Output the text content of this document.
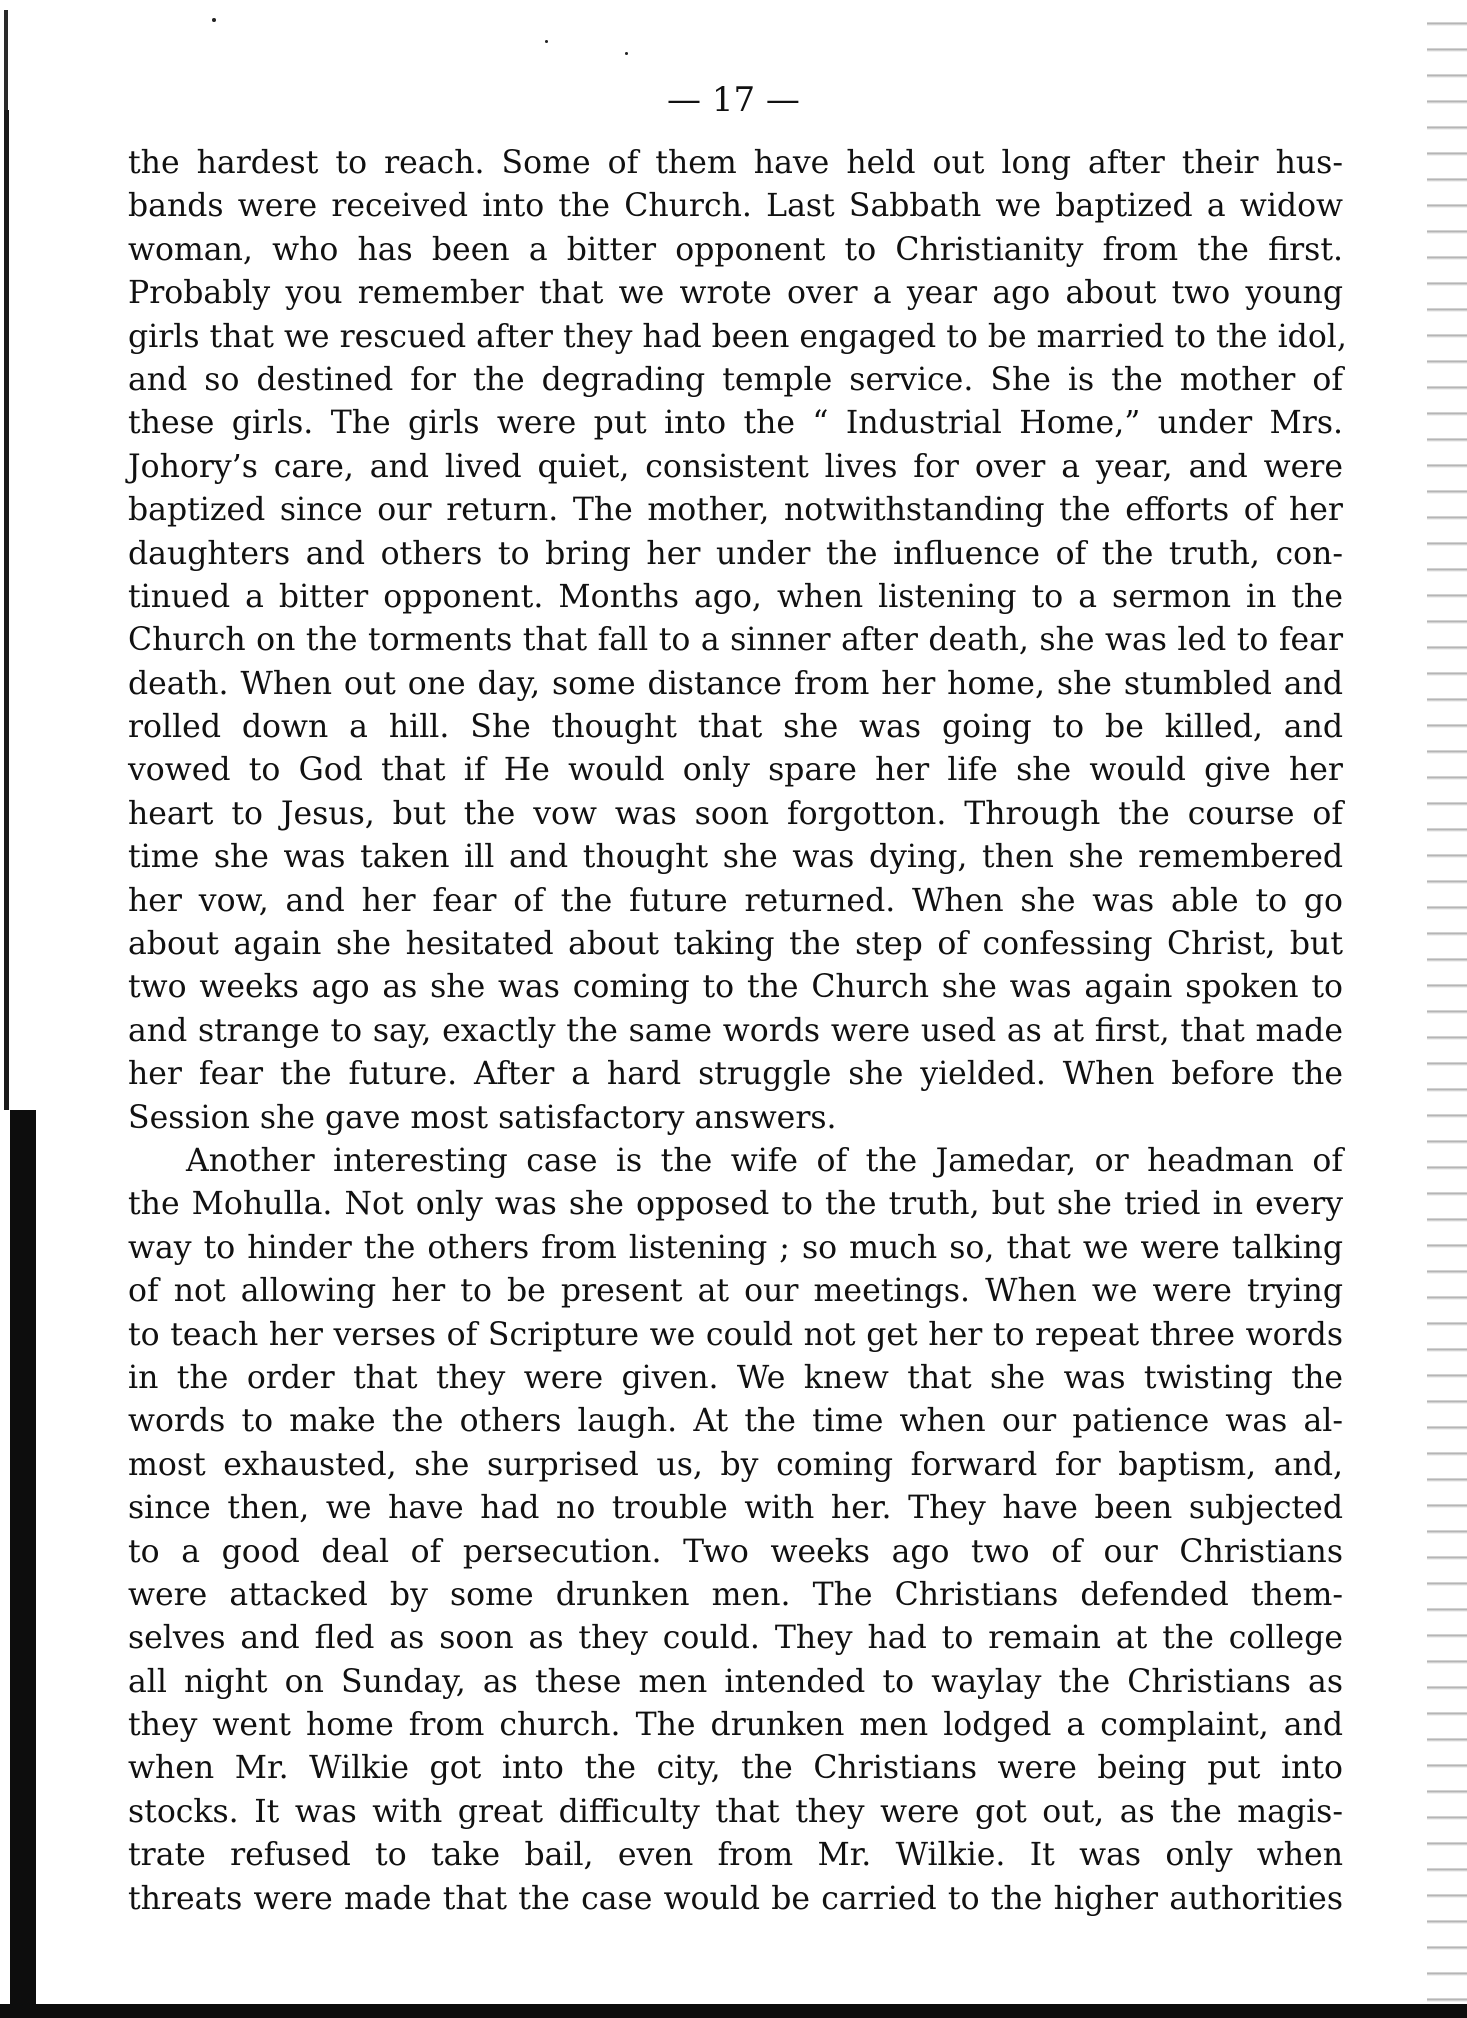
— 17 —
the hardest to reach. Some of them have held out long after their hus-
bands were received into the Church. Last Sabbath we baptized a widow
woman, who has been a bitter opponent to Christianity from the first.
Probably you remember that we wrote over a year ago about two young
girls that we rescued after they had been engaged to be married to the idol,
and so destined for the degrading temple service. She is the mother of
these girls. The girls were put into the “ Industrial Home,” under Mrs.
Johory’s care, and lived quiet, consistent lives for over a year, and were
baptized since our return. The mother, notwithstanding the efforts of her
daughters and others to bring her under the influence of the truth, con-
tinued a bitter opponent. Months ago, when listening to a sermon in the
Church on the torments that fall to a sinner after death, she was led to fear
death. When out one day, some distance from her home, she stumbled and
rolled down a hill. She thought that she was going to be killed, and
vowed to God that if He would only spare her life she would give her
heart to Jesus, but the vow was soon forgotton. Through the course of
time she was taken ill and thought she was dying, then she remembered
her vow, and her fear of the future returned. When she was able to go
about again she hesitated about taking the step of confessing Christ, but
two weeks ago as she was coming to the Church she was again spoken to
and strange to say, exactly the same words were used as at first, that made
her fear the future. After a hard struggle she yielded. When before the
Session she gave most satisfactory answers.
Another interesting case is the wife of the Jamedar, or headman of
the Mohulla. Not only was she opposed to the truth, but she tried in every
way to hinder the others from listening ; so much so, that we were talking
of not allowing her to be present at our meetings. When we were trying
to teach her verses of Scripture we could not get her to repeat three words
in the order that they were given. We knew that she was twisting the
words to make the others laugh. At the time when our patience was al-
most exhausted, she surprised us, by coming forward for baptism, and,
since then, we have had no trouble with her. They have been subjected
to a good deal of persecution. Two weeks ago two of our Christians
were attacked by some drunken men. The Christians defended them-
selves and fled as soon as they could. They had to remain at the college
all night on Sunday, as these men intended to waylay the Christians as
they went home from church. The drunken men lodged a complaint, and
when Mr. Wilkie got into the city, the Christians were being put into
stocks. It was with great difficulty that they were got out, as the magis-
trate refused to take bail, even from Mr. Wilkie. It was only when
threats were made that the case would be carried to the higher authorities
